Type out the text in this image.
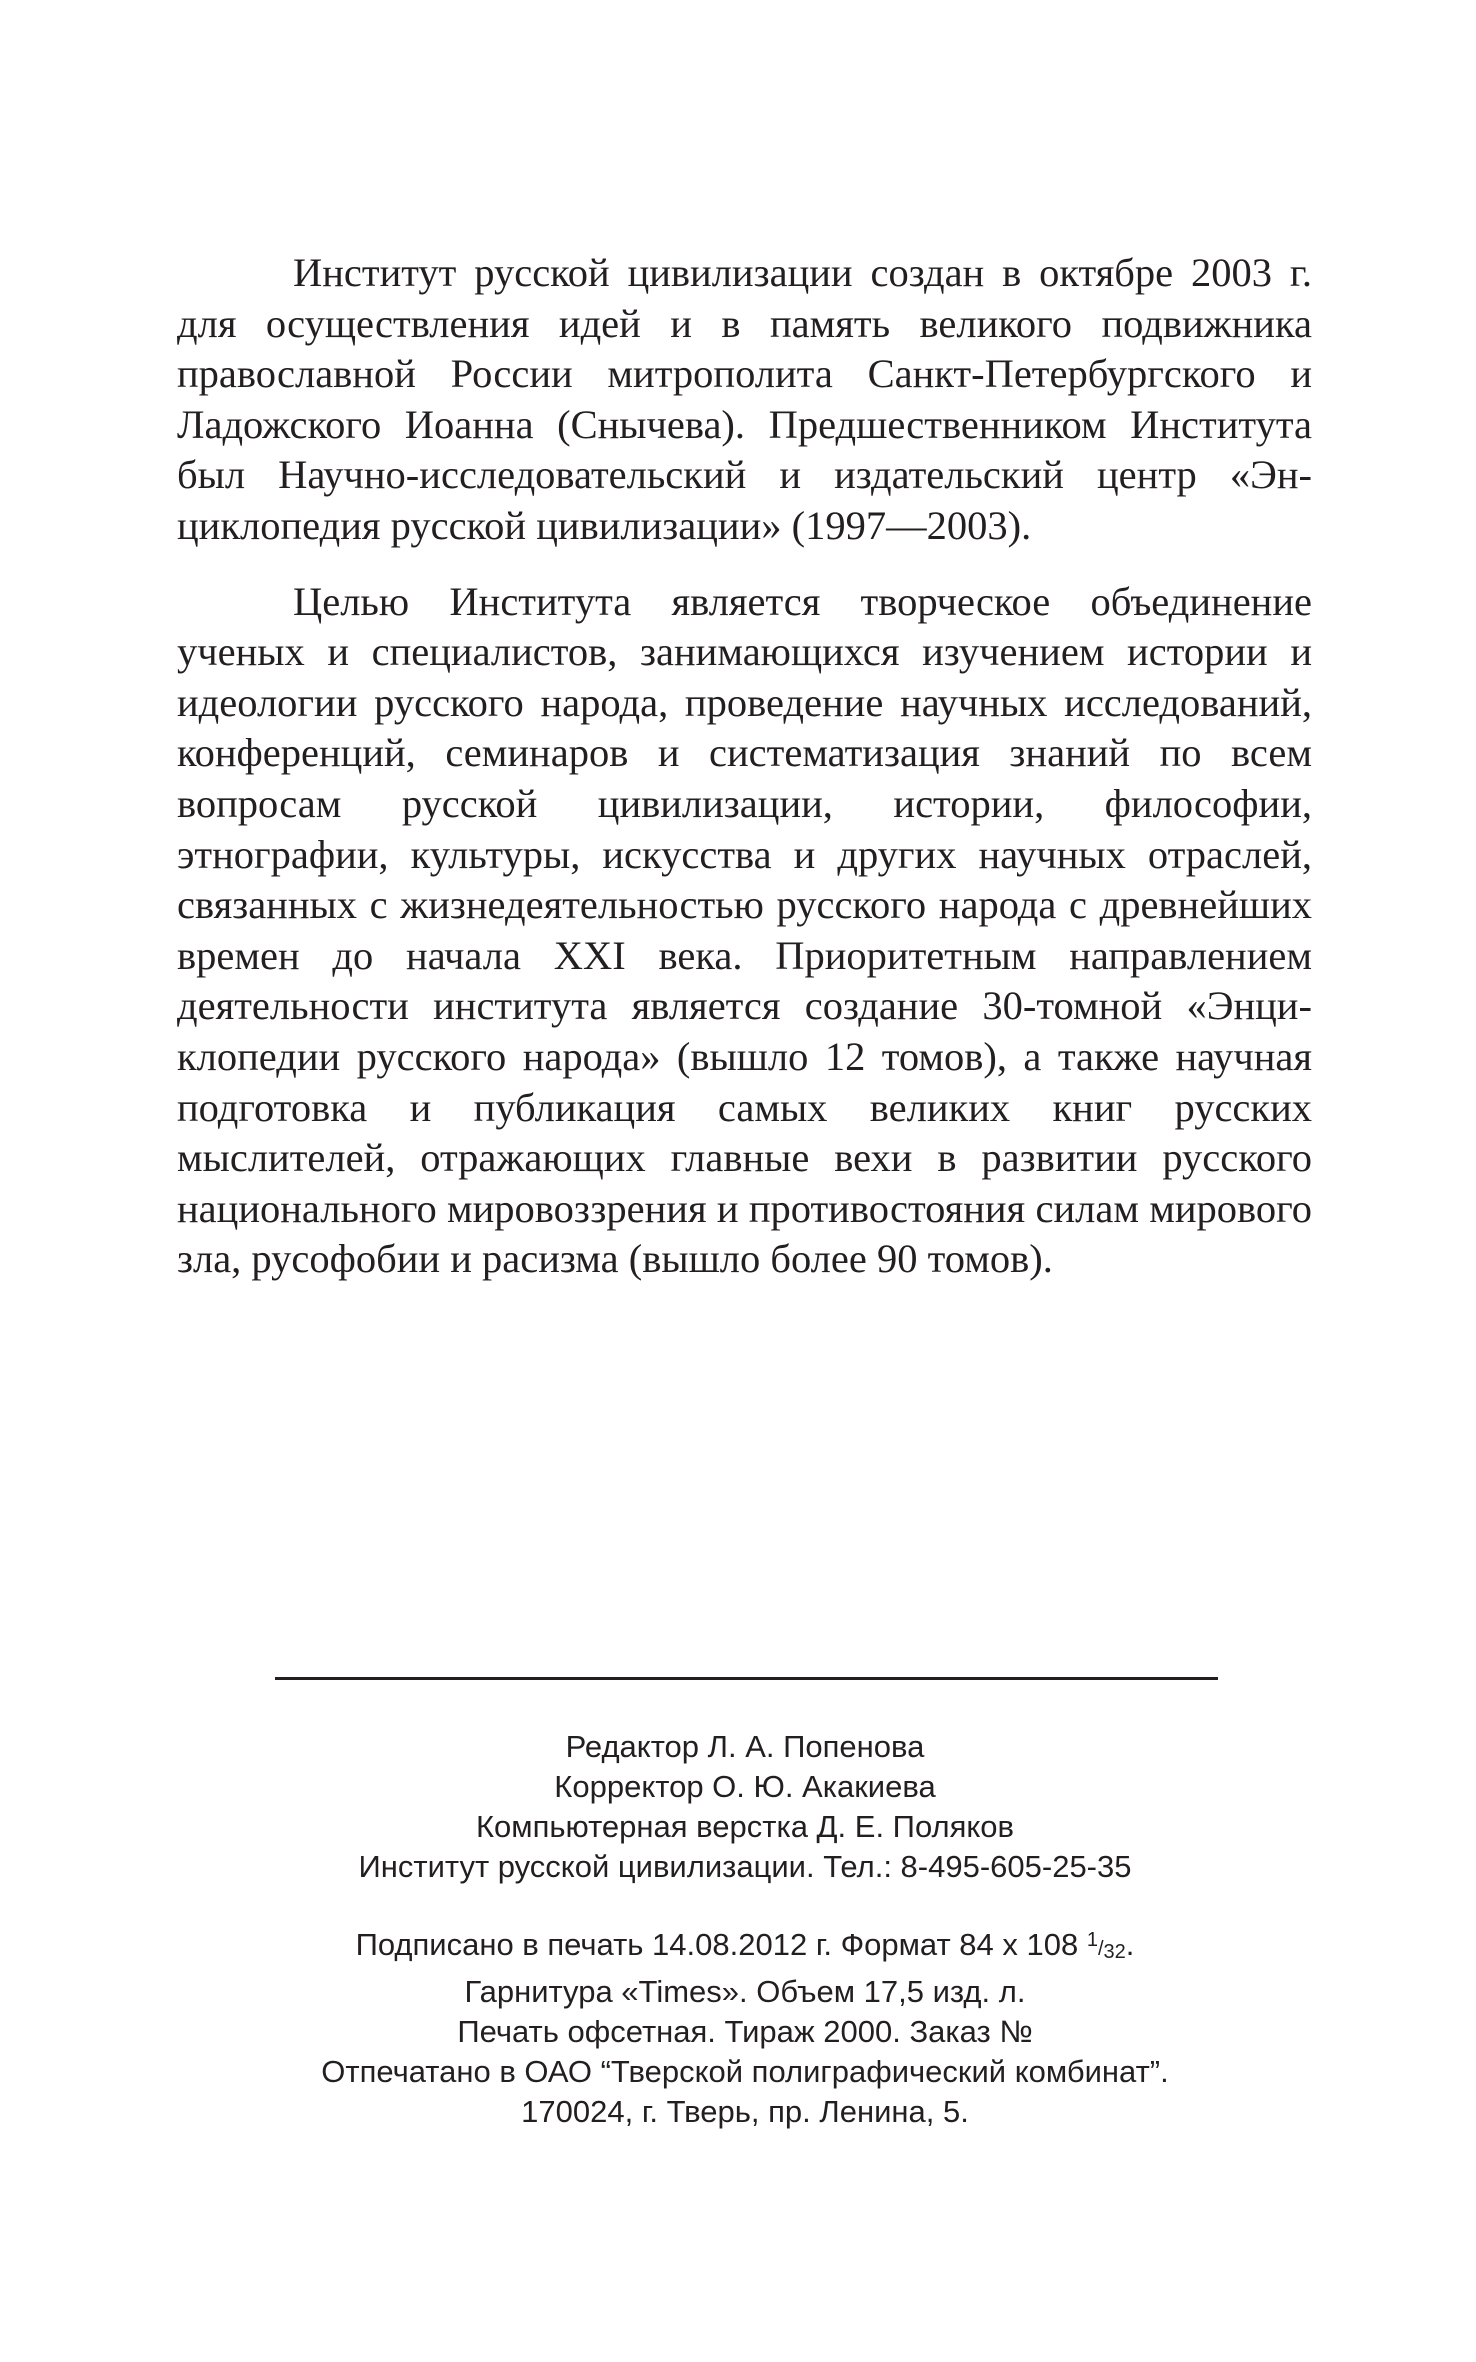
Институт русской цивилизации создан в октябре 2003 г. для осуществления идей и в память великого подвижника православной России митрополита Санкт-Петербургского и Ладожского Иоанна (Снычева). Предшественником Института был Научно-исследовательский и издательский центр «Энциклопедия русской цивилизации» (1997—2003).

Целью Института является творческое объединение ученых и специалистов, занимающихся изучением истории и идеологии русского народа, проведение научных исследований, конференций, семинаров и систематизация знаний по всем вопросам русской цивилизации, истории, философии, этнографии, культуры, искусства и других научных отраслей, связанных с жизнедеятельностью русского народа с древнейших времен до начала XXI века. Приоритетным направлением деятельности института является создание 30-томной «Энциклопедии русского народа» (вышло 12 томов), а также научная подготовка и публикация самых великих книг русских мыслителей, отражающих главные вехи в развитии русского национального мировоззрения и противостояния силам мирового зла, русофобии и расизма (вышло более 90 томов).

Редактор Л. А. Попенова
Корректор О. Ю. Акакиева
Компьютерная верстка Д. Е. Поляков
Институт русской цивилизации. Тел.: 8-495-605-25-35
Подписано в печать 14.08.2012 г. Формат 84 х 108 1/32.
Гарнитура «Times». Объем 17,5 изд. л.
Печать офсетная. Тираж 2000. Заказ №
Отпечатано в ОАО “Тверской полиграфический комбинат”.
170024, г. Тверь, пр. Ленина, 5.
